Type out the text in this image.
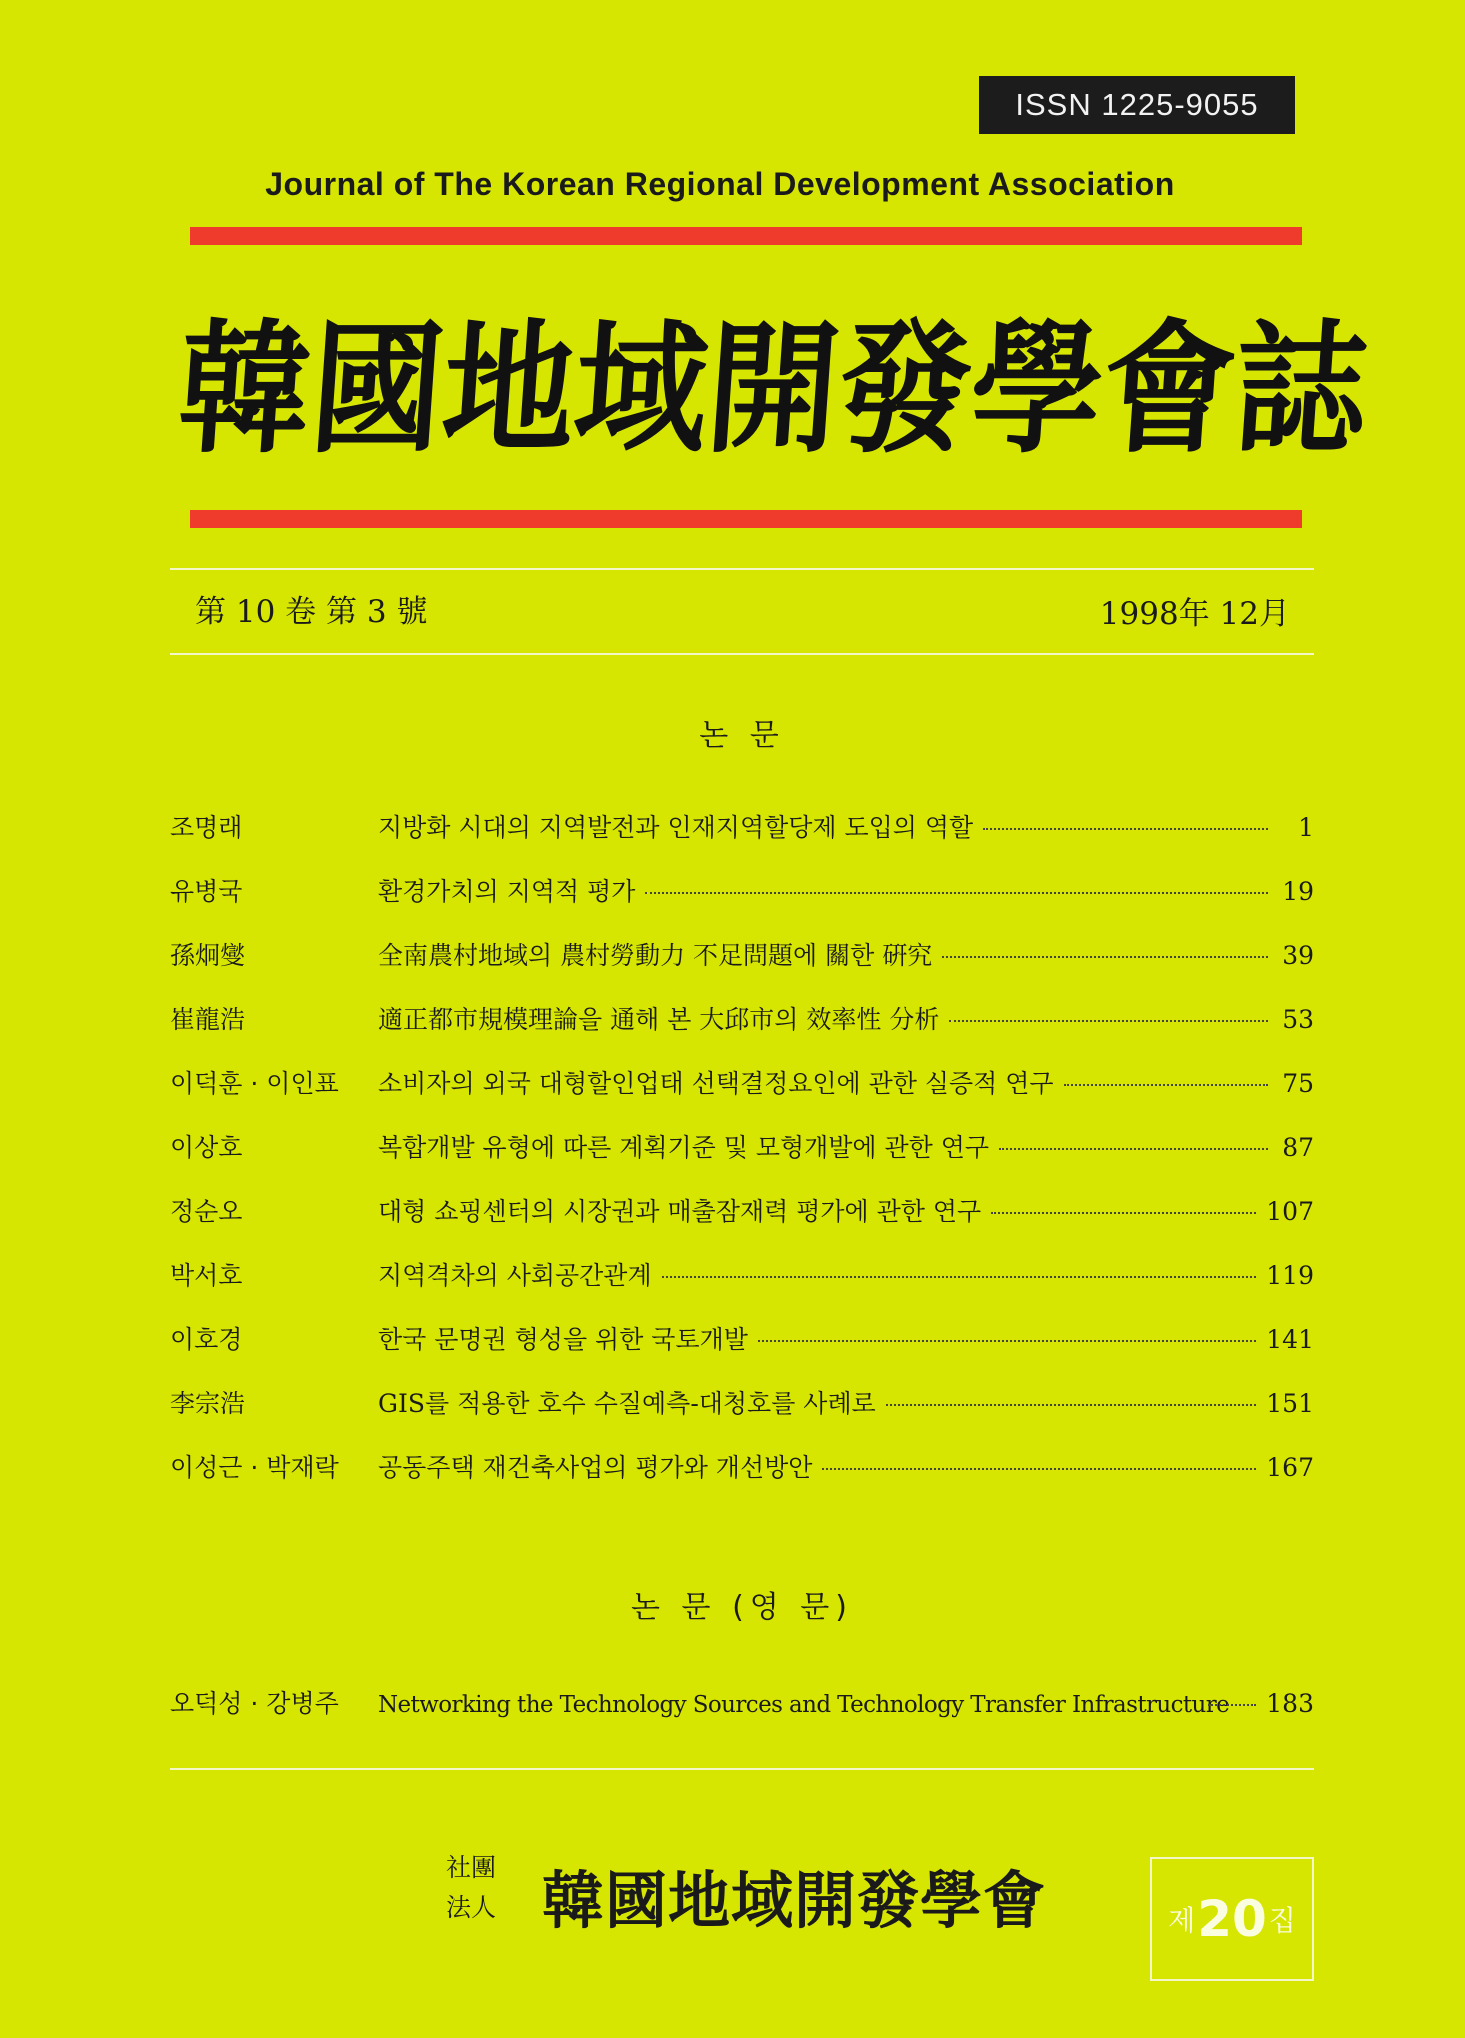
ISSN 1225-9055
Journal of The Korean Regional Development Association
韓
國
地
域
開
發
學
會
誌
第 10 卷 第 3 號	1998年 12月
논 문
조명래	지방화 시대의 지역발전과 인재지역할당제 도입의 역할	1
유병국	환경가치의 지역적 평가	19
孫炯燮	全南農村地域의 農村勞動力 不足問題에 關한 硏究	39
崔龍浩	適正都市規模理論을 通해 본 大邱市의 效率性 分析	53
이덕훈 · 이인표	소비자의 외국 대형할인업태 선택결정요인에 관한 실증적 연구	75
이상호	복합개발 유형에 따른 계획기준 및 모형개발에 관한 연구	87
정순오	대형 쇼핑센터의 시장권과 매출잠재력 평가에 관한 연구	107
박서호	지역격차의 사회공간관계	119
이호경	한국 문명권 형성을 위한 국토개발	141
李宗浩	GIS를 적용한 호수 수질예측-대청호를 사례로	151
이성근 · 박재락	공동주택 재건축사업의 평가와 개선방안	167
논 문 (영 문)
오덕성 · 강병주	Networking the Technology Sources and Technology Transfer Infrastructure 183
社團
法人 韓國地域開發學會	제 20 집
